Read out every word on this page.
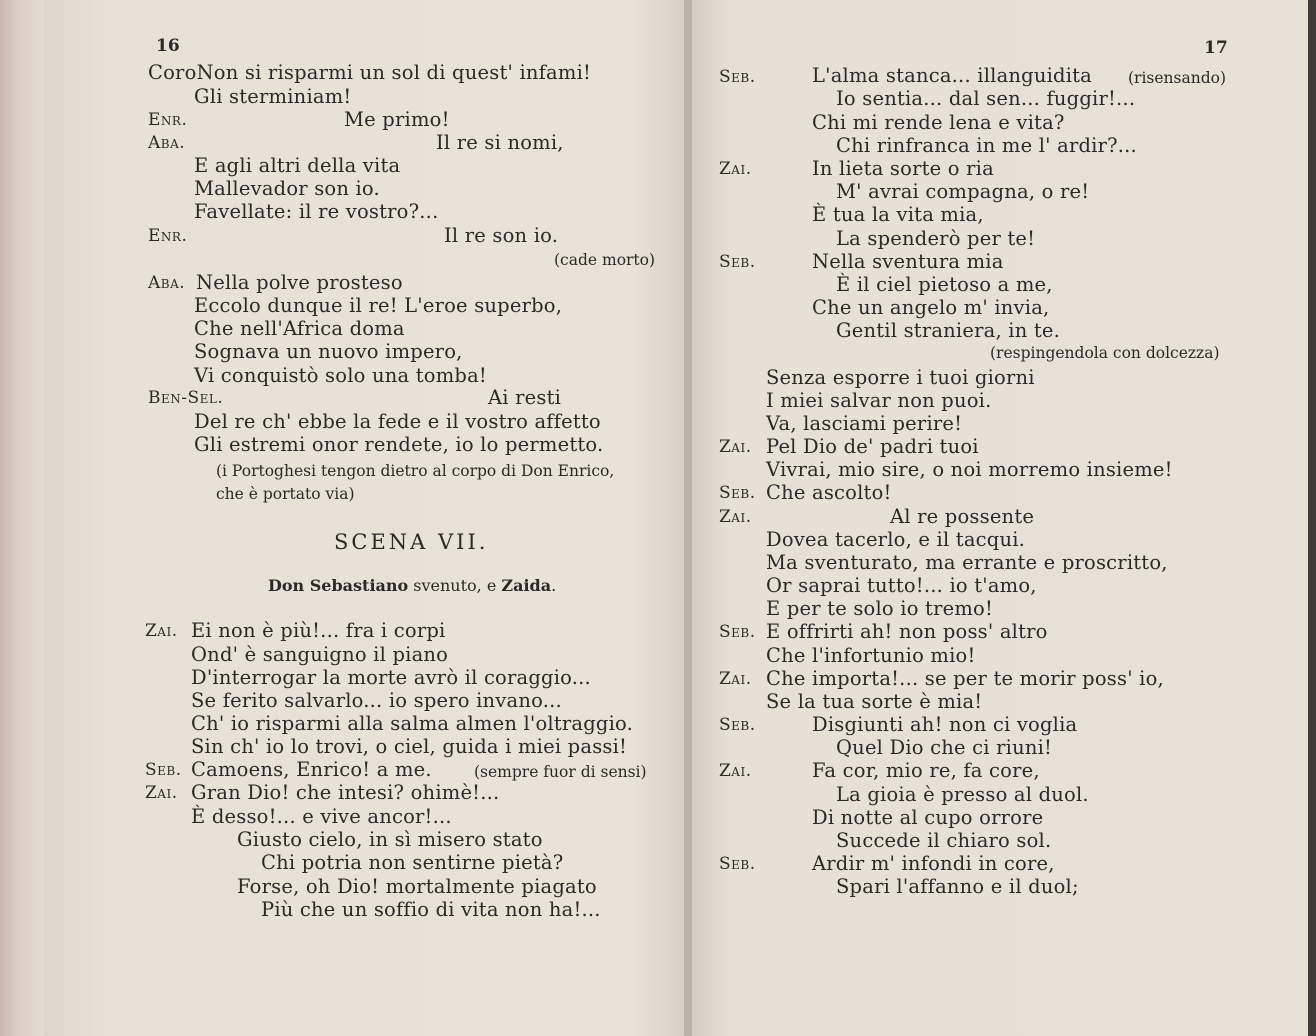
16
CoroNon si risparmi un sol di quest' infami!
Gli sterminiam!
Enr.	Me primo!
Aba.	Il re si nomi,
E agli altri della vita
Mallevador son io.
Favellate: il re vostro?...
Enr.	Il re son io.
(cade morto)
Aba. Nella polve prosteso
Eccolo dunque il re! L'eroe superbo,
Che nell'Africa doma
Sognava un nuovo impero,
Vi conquistò solo una tomba!
Ben-Sel.	Ai resti
Del re ch' ebbe la fede e il vostro affetto
Gli estremi onor rendete, io lo permetto.
(i Portoghesi tengon dietro al corpo di Don Enrico,
che è portato via)
SCENA VII.
Don Sebastiano svenuto, e Zaida.
Zai. Ei non è più!... fra i corpi
Ond' è sanguigno il piano
D'interrogar la morte avrò il coraggio...
Se ferito salvarlo... io spero invano...
Ch' io risparmi alla salma almen l'oltraggio.
Sin ch' io lo trovi, o ciel, guida i miei passi!
Seb. Camoens, Enrico! a me.	(sempre fuor di sensi)
Zai. Gran Dio! che intesi? ohimè!...
È desso!... e vive ancor!...
Giusto cielo, in sì misero stato
Chi potria non sentirne pietà?
Forse, oh Dio! mortalmente piagato
Più che un soffio di vita non ha!...
17
Seb.	L'alma stanca... illanguidita (risensando)
Io sentia... dal sen... fuggir!...
Chi mi rende lena e vita?
Chi rinfranca in me l' ardir?...
Zai.	In lieta sorte o ria
M' avrai compagna, o re!
È tua la vita mia,
La spenderò per te!
Seb.	Nella sventura mia
È il ciel pietoso a me,
Che un angelo m' invia,
Gentil straniera, in te.
(respingendola con dolcezza)
Senza esporre i tuoi giorni
I miei salvar non puoi.
Va, lasciami perire!
Zai. Pel Dio de' padri tuoi
Vivrai, mio sire, o noi morremo insieme!
Seb. Che ascolto!
Zai.	Al re possente
Dovea tacerlo, e il tacqui.
Ma sventurato, ma errante e proscritto,
Or saprai tutto!... io t'amo,
E per te solo io tremo!
Seb. E offrirti ah! non poss' altro
Che l'infortunio mio!
Zai. Che importa!... se per te morir poss' io,
Se la tua sorte è mia!
Seb.	Disgiunti ah! non ci voglia
Quel Dio che ci riuni!
Zai.	Fa cor, mio re, fa core,
La gioia è presso al duol.
Di notte al cupo orrore
Succede il chiaro sol.
Seb.	Ardir m' infondi in core,
Spari l'affanno e il duol;
